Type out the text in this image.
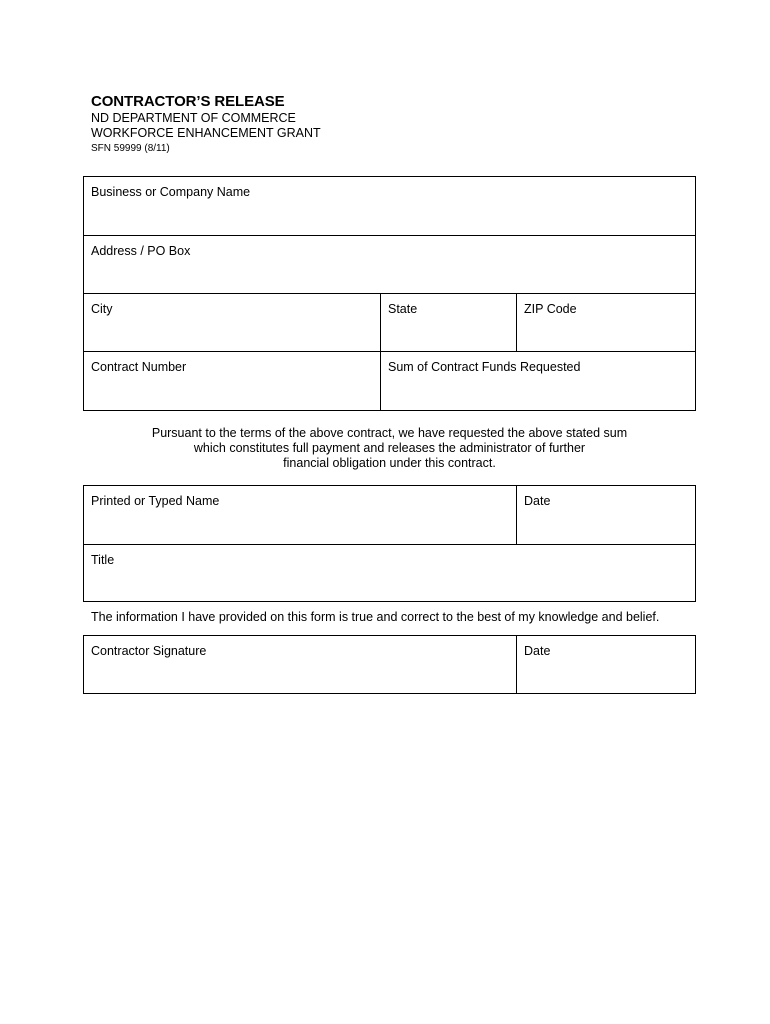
CONTRACTOR’S RELEASE
ND DEPARTMENT OF COMMERCE
WORKFORCE ENHANCEMENT GRANT
SFN 59999 (8/11)
Business or Company Name
Address / PO Box
City	State	ZIP Code
Contract Number	Sum of Contract Funds Requested
Pursuant to the terms of the above contract, we have requested the above stated sum
which constitutes full payment and releases the administrator of further
financial obligation under this contract.
Printed or Typed Name	Date
Title
The information I have provided on this form is true and correct to the best of my knowledge and belief.
Contractor Signature	Date
